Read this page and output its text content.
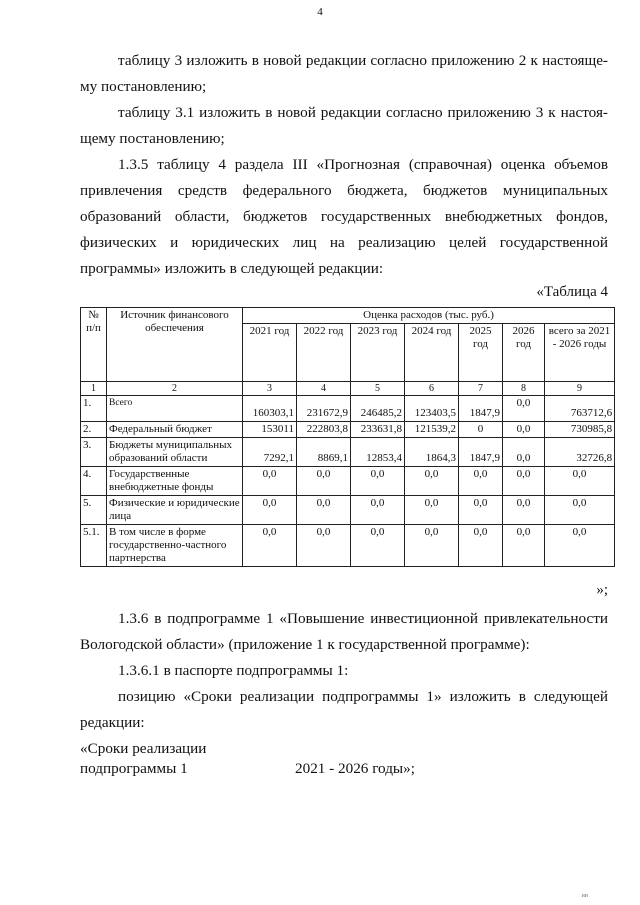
4

таблицу 3 изложить в новой редакции согласно приложению 2 к настояще-му постановлению;

таблицу 3.1 изложить в новой редакции согласно приложению 3 к настоя-щему постановлению;

1.3.5 таблицу 4 раздела III «Прогнозная (справочная) оценка объемов привлечения средств федерального бюджета, бюджетов муниципальных образований области, бюджетов государственных внебюджетных фондов, физических и юридических лиц на реализацию целей государственной программы» изложить в следующей редакции:

«Таблица 4
№ п/п	Источник финансового обеспечения	Оценка расходов (тыс. руб.)						
		2021 год	2022 год	2023 год	2024 год	2025 год	2026 год	всего за 2021 - 2026 годы
1	2	3	4	5	6	7	8	9
1.	Всего	160303,1	231672,9	246485,2	123403,5	1847,9	0,0	763712,6
2.	Федеральный бюджет	153011	222803,8	233631,8	121539,2	0	0,0	730985,8
3.	Бюджеты муниципальных образований области	7292,1	8869,1	12853,4	1864,3	1847,9	0,0	32726,8
4.	Государственные внебюджетные фонды	0,0	0,0	0,0	0,0	0,0	0,0	0,0
5.	Физические и юридические лица	0,0	0,0	0,0	0,0	0,0	0,0	0,0
5.1.	В том числе в форме государственно-частного партнерства	0,0	0,0	0,0	0,0	0,0	0,0	0,0
»;

1.3.6 в подпрограмме 1 «Повышение инвестиционной привлекательности Вологодской области» (приложение 1 к государственной программе):

1.3.6.1 в паспорте подпрограммы 1:

позицию «Сроки реализации подпрограммы 1» изложить в следующей редакции:

«Сроки реализации
подпрограммы 1	2021 - 2026 годы»;
ии
